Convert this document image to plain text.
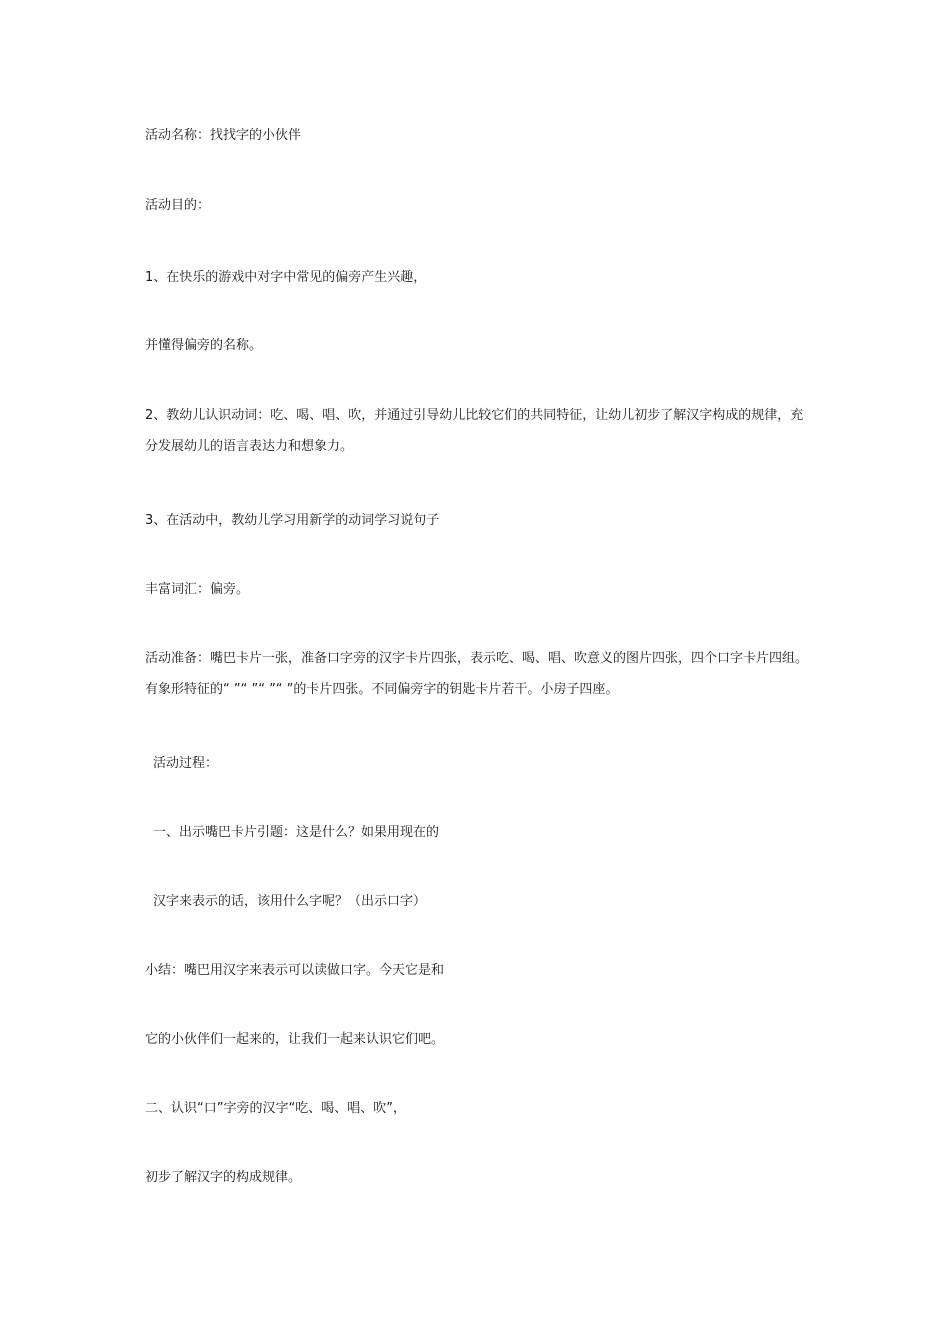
活动名称：找找字的小伙伴
活动目的：
1、在快乐的游戏中对字中常见的偏旁产生兴趣，
并懂得偏旁的名称。
2、教幼儿认识动词：吃、喝、唱、吹，并通过引导幼儿比较它们的共同特征，让幼儿初步了解汉字构成的规律，充分发展幼儿的语言表达力和想象力。
3、在活动中，教幼儿学习用新学的动词学习说句子
丰富词汇：偏旁。
活动准备：嘴巴卡片一张，准备口字旁的汉字卡片四张，表示吃、喝、唱、吹意义的图片四张，四个口字卡片四组。有象形特征的“ ”“ ”“ ”“ ”的卡片四张。不同偏旁字的钥匙卡片若干。小房子四座。
活动过程：
一、出示嘴巴卡片引题：这是什么？如果用现在的
汉字来表示的话，该用什么字呢？（出示口字）
小结：嘴巴用汉字来表示可以读做口字。今天它是和
它的小伙伴们一起来的，让我们一起来认识它们吧。
二、认识“口”字旁的汉字“吃、喝、唱、吹”，
初步了解汉字的构成规律。
